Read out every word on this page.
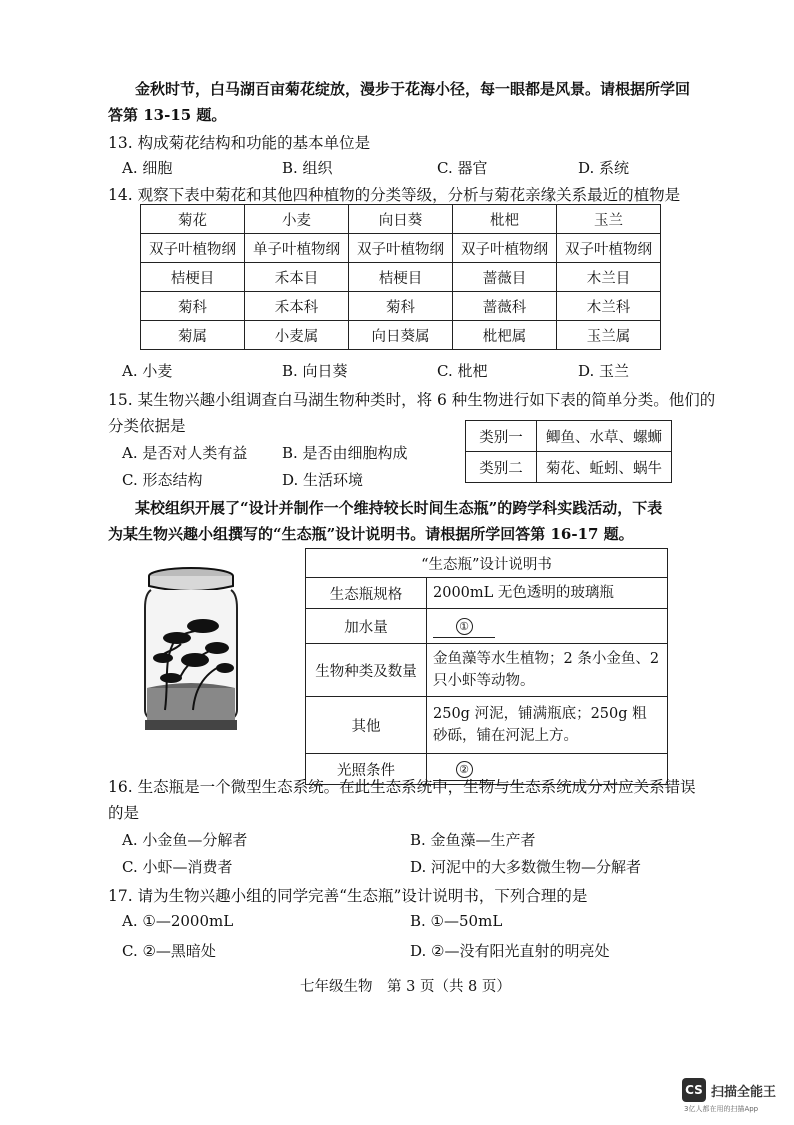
金秋时节，白马湖百亩菊花绽放，漫步于花海小径，每一眼都是风景。请根据所学回
答第 13-15 题。
13. 构成菊花结构和功能的基本单位是
A. 细胞	B. 组织	C. 器官	D. 系统
14. 观察下表中菊花和其他四种植物的分类等级，分析与菊花亲缘关系最近的植物是
菊花	小麦	向日葵	枇杷	玉兰
双子叶植物纲	单子叶植物纲	双子叶植物纲	双子叶植物纲	双子叶植物纲
桔梗目	禾本目	桔梗目	蔷薇目	木兰目
菊科	禾本科	菊科	蔷薇科	木兰科
菊属	小麦属	向日葵属	枇杷属	玉兰属
A. 小麦	B. 向日葵	C. 枇杷	D. 玉兰
15. 某生物兴趣小组调查白马湖生物种类时，将 6 种生物进行如下表的简单分类。他们的
分类依据是
A. 是否对人类有益 B. 是否由细胞构成
C. 形态结构	D. 生活环境
类别一	鲫鱼、水草、螺蛳
类别二	菊花、蚯蚓、蜗牛
某校组织开展了“设计并制作一个维持较长时间生态瓶”的跨学科实践活动，下表
为某生物兴趣小组撰写的“生态瓶”设计说明书。请根据所学回答第 16-17 题。
“生态瓶”设计说明书	
生态瓶规格	2000mL 无色透明的玻璃瓶
加水量	①
生物种类及数量	金鱼藻等水生植物；2 条小金鱼、2 只小虾等动物。
其他	250g 河泥，铺满瓶底；250g 粗砂砾，铺在河泥上方。
光照条件	②
16. 生态瓶是一个微型生态系统。在此生态系统中，生物与生态系统成分对应关系错误
的是
A. 小金鱼—分解者	B. 金鱼藻—生产者
C. 小虾—消费者	D. 河泥中的大多数微生物—分解者
17. 请为生物兴趣小组的同学完善“生态瓶”设计说明书，下列合理的是
A. ①—2000mL	B. ①—50mL
C. ②—黑暗处	D. ②—没有阳光直射的明亮处
七年级生物　第 3 页（共 8 页）
CS 扫描全能王
3亿人都在用的扫描App
